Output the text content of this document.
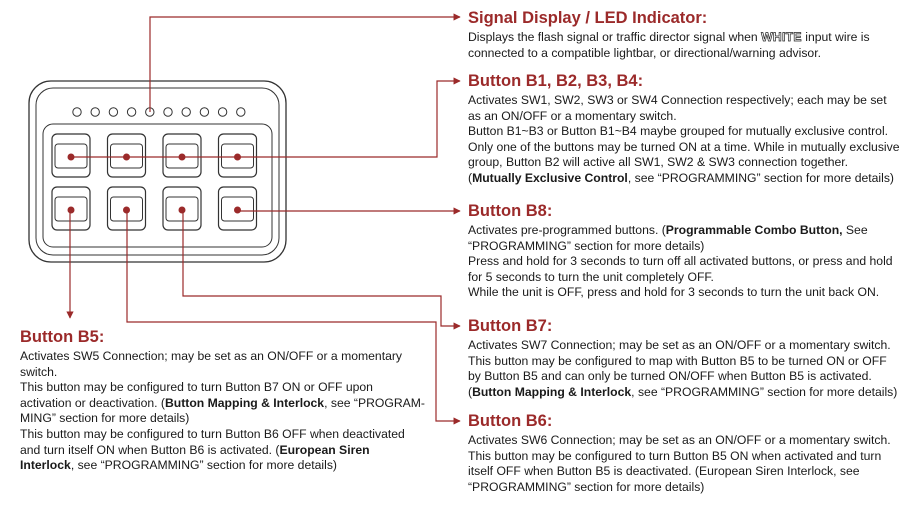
Signal Display / LED Indicator:

Displays the flash signal or traffic director signal when WHITE input wire is

connected to a compatible lightbar, or directional/warning advisor.

Button B1, B2, B3, B4:

Activates SW1, SW2, SW3 or SW4 Connection respectively; each may be set

as an ON/OFF or a momentary switch.

Button B1~B3 or Button B1~B4 maybe grouped for mutually exclusive control.

Only one of the buttons may be turned ON at a time. While in mutually exclusive

group, Button B2 will active all SW1, SW2 & SW3 connection together.

(Mutually Exclusive Control, see “PROGRAMMING” section for more details)

Button B8:

Activates pre-programmed buttons. (Programmable Combo Button, See

“PROGRAMMING” section for more details)

Press and hold for 3 seconds to turn off all activated buttons, or press and hold

for 5 seconds to turn the unit completely OFF.

While the unit is OFF, press and hold for 3 seconds to turn the unit back ON.

Button B7:

Activates SW7 Connection; may be set as an ON/OFF or a momentary switch.

This button may be configured to map with Button B5 to be turned ON or OFF

by Button B5 and can only be turned ON/OFF when Button B5 is activated.

(Button Mapping & Interlock, see “PROGRAMMING” section for more details)

Button B6:

Activates SW6 Connection; may be set as an ON/OFF or a momentary switch.

This button may be configured to turn Button B5 ON when activated and turn

itself OFF when Button B5 is deactivated. (European Siren Interlock, see

“PROGRAMMING” section for more details)

Button B5:

Activates SW5 Connection; may be set as an ON/OFF or a momentary

switch.

This button may be configured to turn Button B7 ON or OFF upon

activation or deactivation. (Button Mapping & Interlock, see “PROGRAM-

MING” section for more details)

This button may be configured to turn Button B6 OFF when deactivated

and turn itself ON when Button B6 is activated. (European Siren

Interlock, see “PROGRAMMING” section for more details)
